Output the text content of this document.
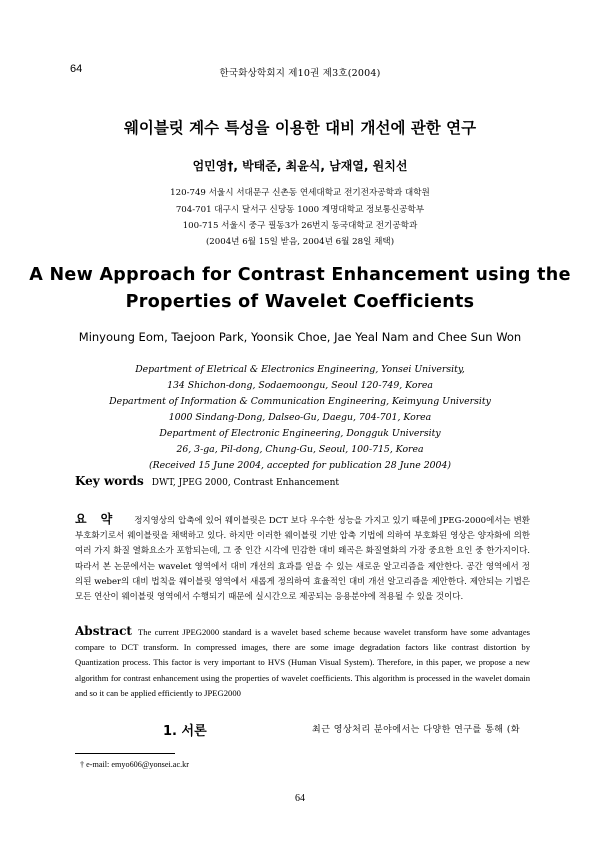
64	한국화상학회지 제10권 제3호(2004)
웨이블릿 계수 특성을 이용한 대비 개선에 관한 연구
엄민영†, 박태준, 최윤식, 남재열, 원치선
120-749 서울시 서대문구 신촌동 연세대학교 전기전자공학과 대학원
704-701 대구시 달서구 신당동 1000 계명대학교 정보통신공학부
100-715 서울시 중구 필동3가 26번지 동국대학교 전기공학과
(2004년 6월 15일 받음, 2004년 6월 28일 채택)
A New Approach for Contrast Enhancement using the
Properties of Wavelet Coefficients
Minyoung Eom, Taejoon Park, Yoonsik Choe, Jae Yeal Nam and Chee Sun Won
Department of Eletrical & Electronics Engineering, Yonsei University,
134 Shichon-dong, Sodaemoongu, Seoul 120-749, Korea
Department of Information & Communication Engineering, Keimyung University
1000 Sindang-Dong, Dalseo-Gu, Daegu, 704-701, Korea
Department of Electronic Engineering, Dongguk University
26, 3-ga, Pil-dong, Chung-Gu, Seoul, 100-715, Korea
(Received 15 June 2004, accepted for publication 28 June 2004)
Key words DWT, JPEG 2000, Contrast Enhancement
요약 정지영상의 압축에 있어 웨이블릿은 DCT 보다 우수한 성능을 가지고 있기 때문에 JPEG-2000에서는 변환 부호화기로서 웨이블릿을 채택하고 있다. 하지만 이러한 웨이블릿 기반 압축 기법에 의하여 부호화된 영상은 양자화에 의한 여러 가지 화질 열화요소가 포함되는데, 그 중 인간 시각에 민감한 대비 왜곡은 화질열화의 가장 중요한 요인 중 한가지이다. 따라서 본 논문에서는 wavelet 영역에서 대비 개선의 효과를 얻을 수 있는 새로운 알고리즘을 제안한다. 공간 영역에서 정의된 weber의 대비 법칙을 웨이블릿 영역에서 새롭게 정의하여 효율적인 대비 개선 알고리즘을 제안한다. 제안되는 기법은 모든 연산이 웨이블릿 영역에서 수행되기 때문에 실시간으로 제공되는 응용분야에 적용될 수 있을 것이다.
Abstract The current JPEG2000 standard is a wavelet based scheme because wavelet transform have some advantages compare to DCT transform. In compressed images, there are some image degradation factors like contrast distortion by Quantization process. This factor is very important to HVS (Human Visual System). Therefore, in this paper, we propose a new algorithm for contrast enhancement using the properties of wavelet coefficients. This algorithm is processed in the wavelet domain and so it can be applied efficiently to JPEG2000
1. 서론	최근 영상처리 분야에서는 다양한 연구를 통해 (화
† e-mail: emyo606@yonsei.ac.kr
64
